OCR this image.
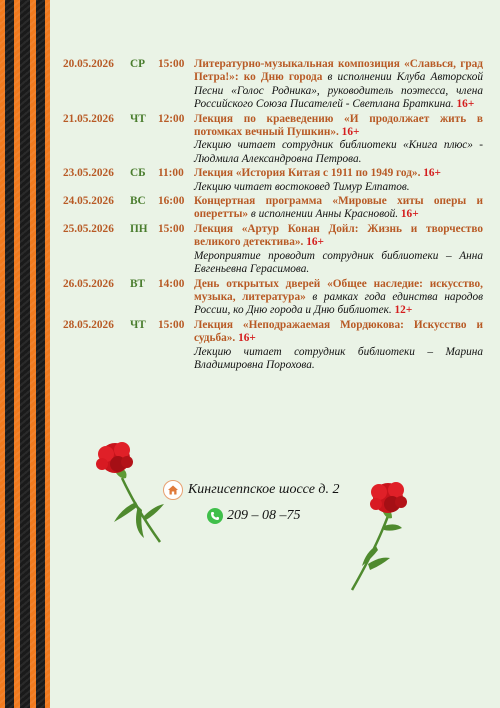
20.05.2026 СР 15:00 Литературно-музыкальная композиция «Славься, град Петра!»: ко Дню города в исполнении Клуба Авторской Песни «Голос Родника», руководитель поэтесса, члена Российского Союза Писателей - Светлана Браткина. 16+
21.05.2026 ЧТ 12:00 Лекция по краеведению «И продолжает жить в потомках вечный Пушкин». 16+
Лекцию читает сотрудник библиотеки «Книга плюс» - Людмила Александровна Петрова.
23.05.2026 СБ 11:00 Лекция «История Китая с 1911 по 1949 год». 16+
Лекцию читает востоковед Тимур Елпатов.
24.05.2026 ВС 16:00 Концертная программа «Мировые хиты оперы и оперетты» в исполнении Анны Красновой. 16+
25.05.2026 ПН 15:00 Лекция «Артур Конан Дойл: Жизнь и творчество великого детектива». 16+
Мероприятие проводит сотрудник библиотеки – Анна Евгеньевна Герасимова.
26.05.2026 ВТ 14:00 День открытых дверей «Общее наследие: искусство, музыка, литература» в рамках года единства народов России, ко Дню города и Дню библиотек. 12+
28.05.2026 ЧТ 15:00 Лекция «Неподражаемая Мордюкова: Искусство и судьба». 16+
Лекцию читает сотрудник библиотеки – Марина Владимировна Порохова.
Кингисеппское шоссе д. 2
209 – 08 –75
